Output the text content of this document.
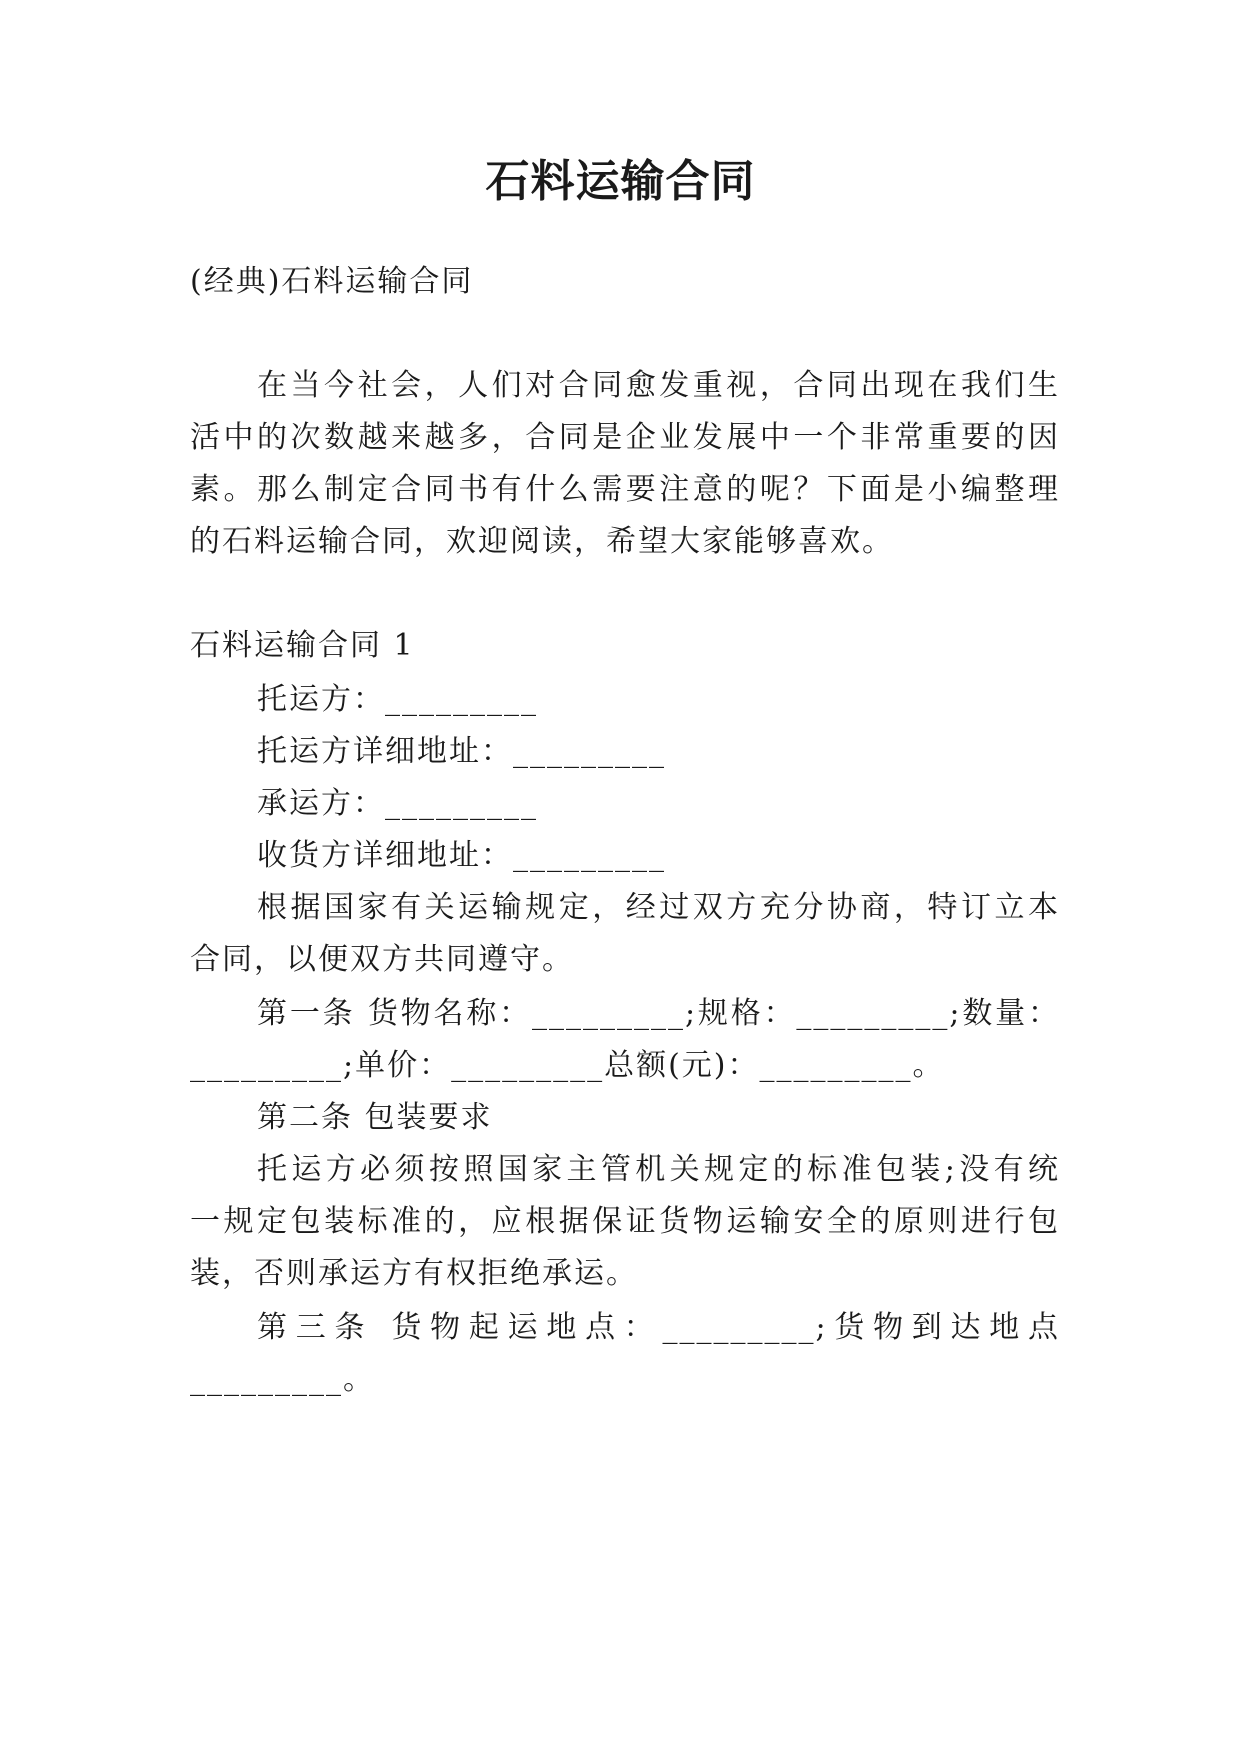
石料运输合同

(经典)石料运输合同

在当今社会，人们对合同愈发重视，合同出现在我们生

活中的次数越来越多，合同是企业发展中一个非常重要的因

素。那么制定合同书有什么需要注意的呢？下面是小编整理

的石料运输合同，欢迎阅读，希望大家能够喜欢。

石料运输合同 1

托运方：_________

托运方详细地址：_________

承运方：_________

收货方详细地址：_________

根据国家有关运输规定，经过双方充分协商，特订立本

合同，以便双方共同遵守。

第一条 货物名称：_________;规格：_________;数量：

_________;单价：_________总额(元)：_________。

第二条 包装要求

托运方必须按照国家主管机关规定的标准包装;没有统

一规定包装标准的，应根据保证货物运输安全的原则进行包

装，否则承运方有权拒绝承运。

第三条 货物起运地点：_________;货物到达地点

_________。
